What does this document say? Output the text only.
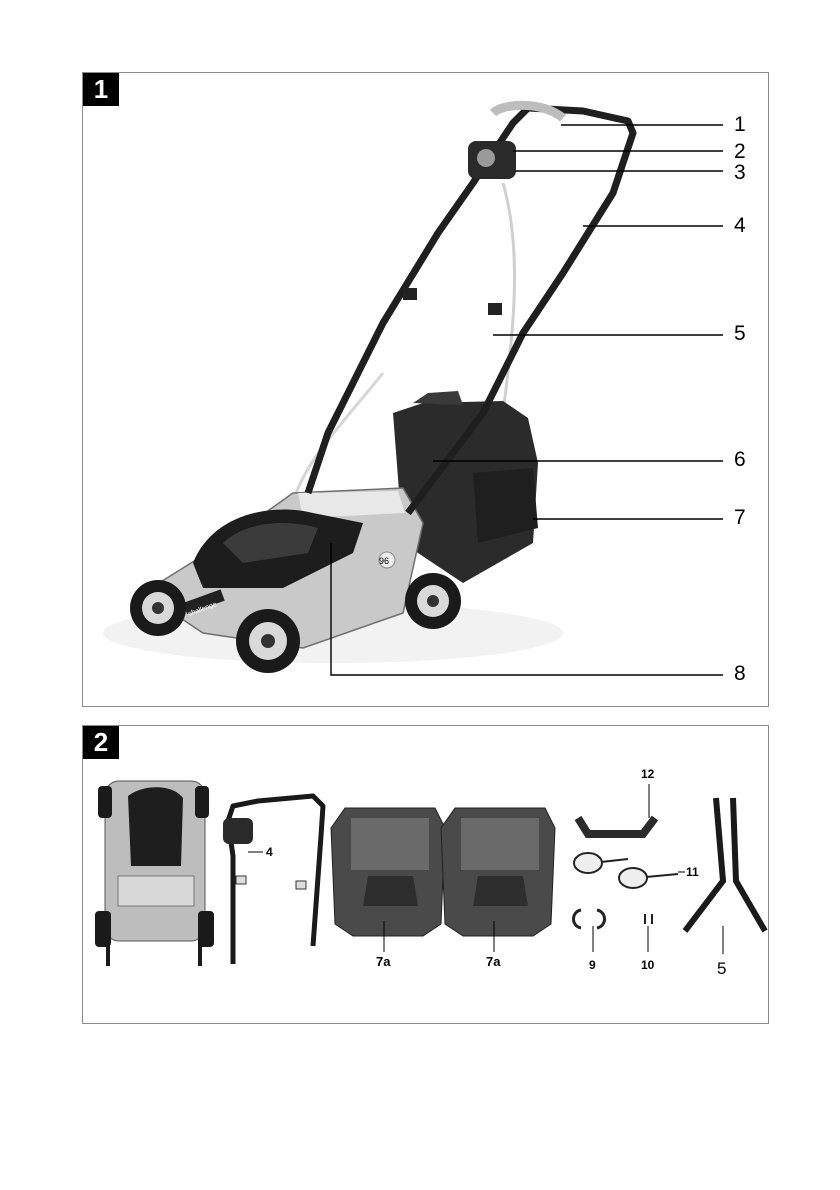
1
challenge
1
2
3
4
5
6
7
8
96
2
4
7a	7a
12
11
9	10	5
